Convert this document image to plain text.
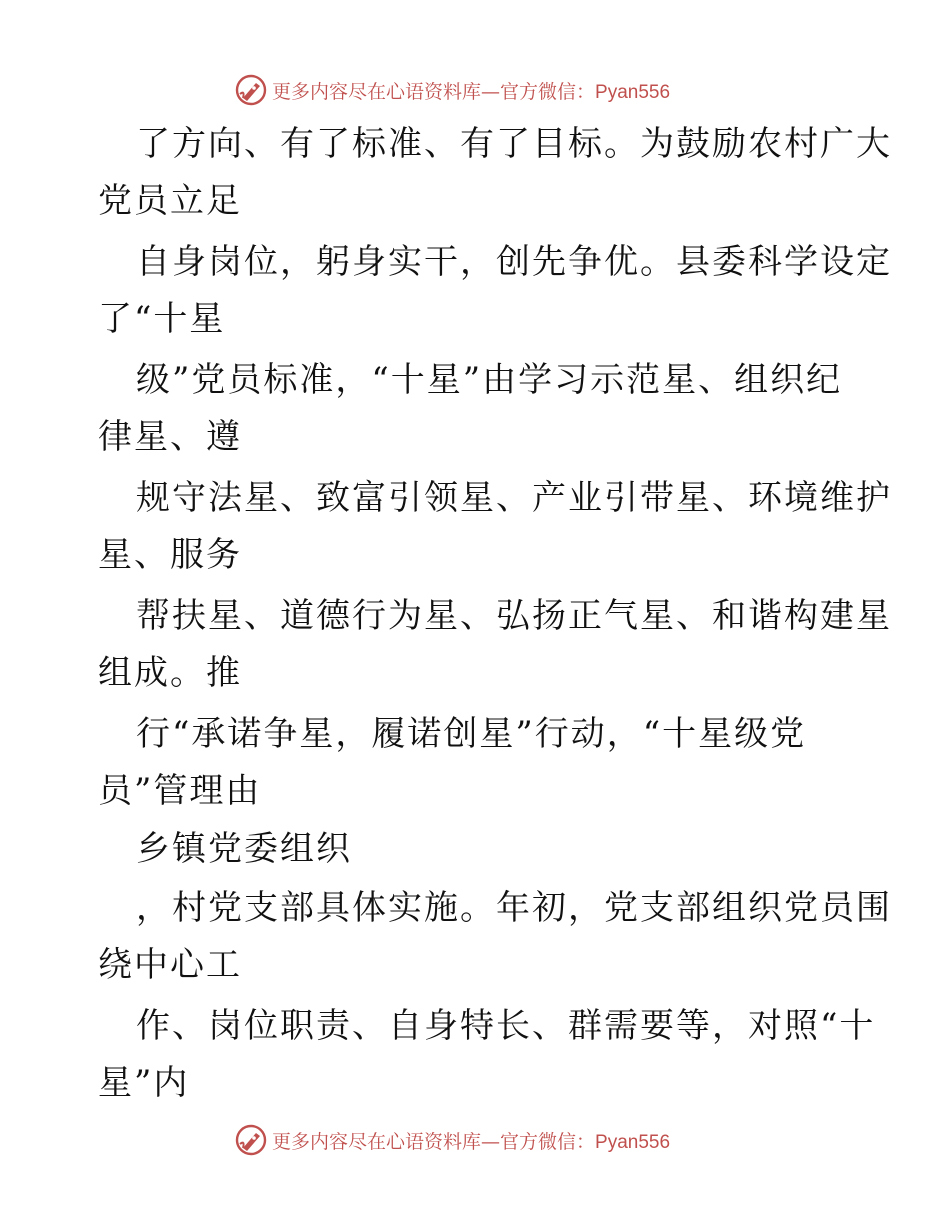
更多内容尽在心语资料库—官方微信：Pyan556
了方向、有了标准、有了目标。为鼓励农村广大
党员立足
自身岗位，躬身实干，创先争优。县委科学设定
了“十星
级”党员标准，“十星”由学习示范星、组织纪
律星、遵
规守法星、致富引领星、产业引带星、环境维护
星、服务
帮扶星、道德行为星、弘扬正气星、和谐构建星
组成。推
行“承诺争星，履诺创星”行动，“十星级党
员”管理由
乡镇党委组织
，村党支部具体实施。年初，党支部组织党员围
绕中心工
作、岗位职责、自身特长、群需要等，对照“十
星”内
更多内容尽在心语资料库—官方微信：Pyan556
